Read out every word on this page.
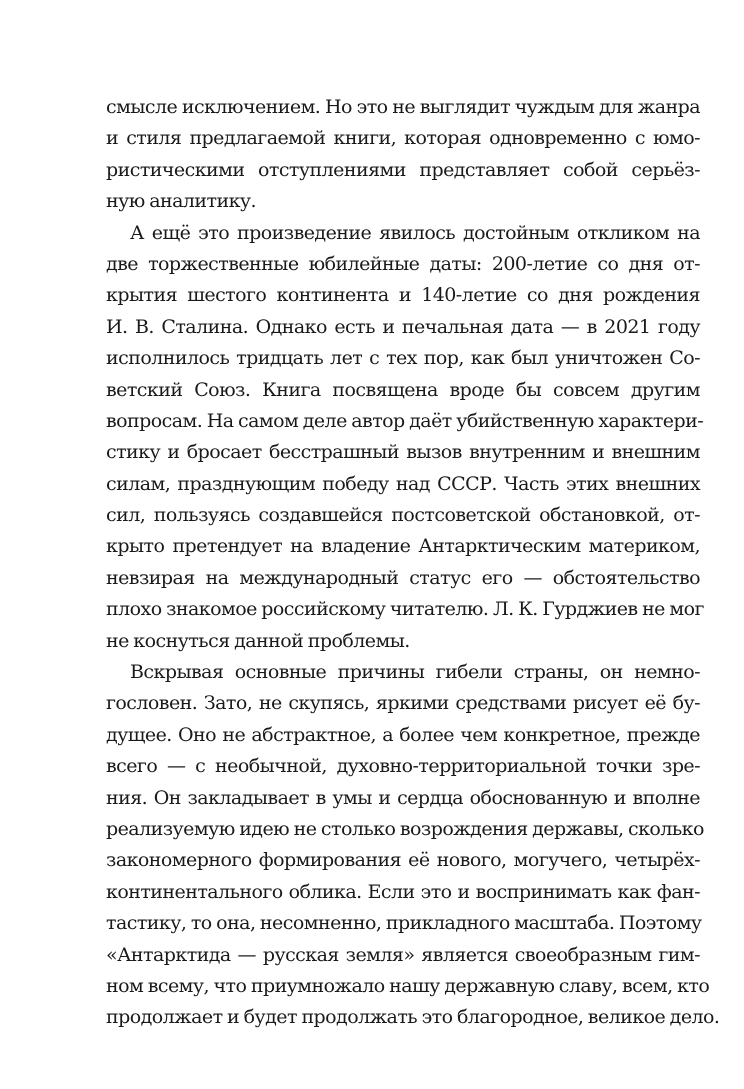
смысле исключением. Но это не выглядит чуждым для жанра
и стиля предлагаемой книги, которая одновременно с юмо-
ристическими отступлениями представляет собой серьёз-
ную аналитику.
А ещё это произведение явилось достойным откликом на
две торжественные юбилейные даты: 200-летие со дня от-
крытия шестого континента и 140-летие со дня рождения
И. В. Сталина. Однако есть и печальная дата — в 2021 году
исполнилось тридцать лет с тех пор, как был уничтожен Со-
ветский Союз. Книга посвящена вроде бы совсем другим
вопросам. На самом деле автор даёт убийственную характери-
стику и бросает бесстрашный вызов внутренним и внешним
силам, празднующим победу над СССР. Часть этих внешних
сил, пользуясь создавшейся постсоветской обстановкой, от-
крыто претендует на владение Антарктическим материком,
невзирая на международный статус его — обстоятельство
плохо знакомое российскому читателю. Л. К. Гурджиев не мог
не коснуться данной проблемы.
Вскрывая основные причины гибели страны, он немно-
гословен. Зато, не скупясь, яркими средствами рисует её бу-
дущее. Оно не абстрактное, а более чем конкретное, прежде
всего — с необычной, духовно-территориальной точки зре-
ния. Он закладывает в умы и сердца обоснованную и вполне
реализуемую идею не столько возрождения державы, сколько
закономерного формирования её нового, могучего, четырёх-
континентального облика. Если это и воспринимать как фан-
тастику, то она, несомненно, прикладного масштаба. Поэтому
«Антарктида — русская земля» является своеобразным гим-
ном всему, что приумножало нашу державную славу, всем, кто
продолжает и будет продолжать это благородное, великое дело.
